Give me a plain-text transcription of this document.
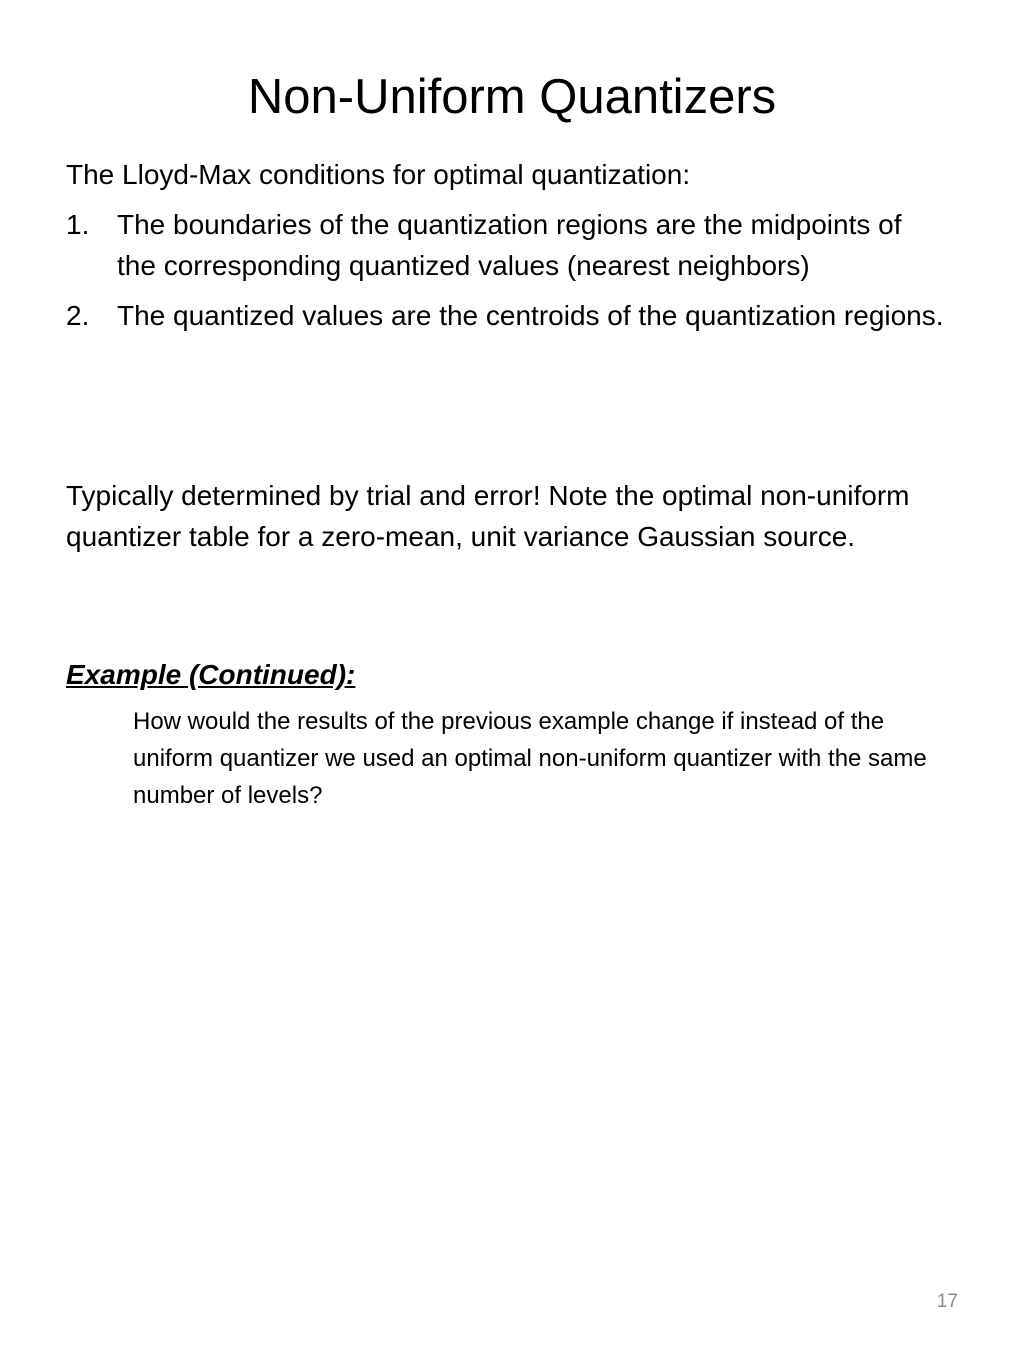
Non-Uniform Quantizers

The Lloyd-Max conditions for optimal quantization:

1. The boundaries of the quantization regions are the midpoints of the corresponding quantized values (nearest neighbors)
2. The quantized values are the centroids of the quantization regions.

Typically determined by trial and error! Note the optimal non-uniform quantizer table for a zero-mean, unit variance Gaussian source.

Example (Continued):

How would the results of the previous example change if instead of the uniform quantizer we used an optimal non-uniform quantizer with the same number of levels?

17
